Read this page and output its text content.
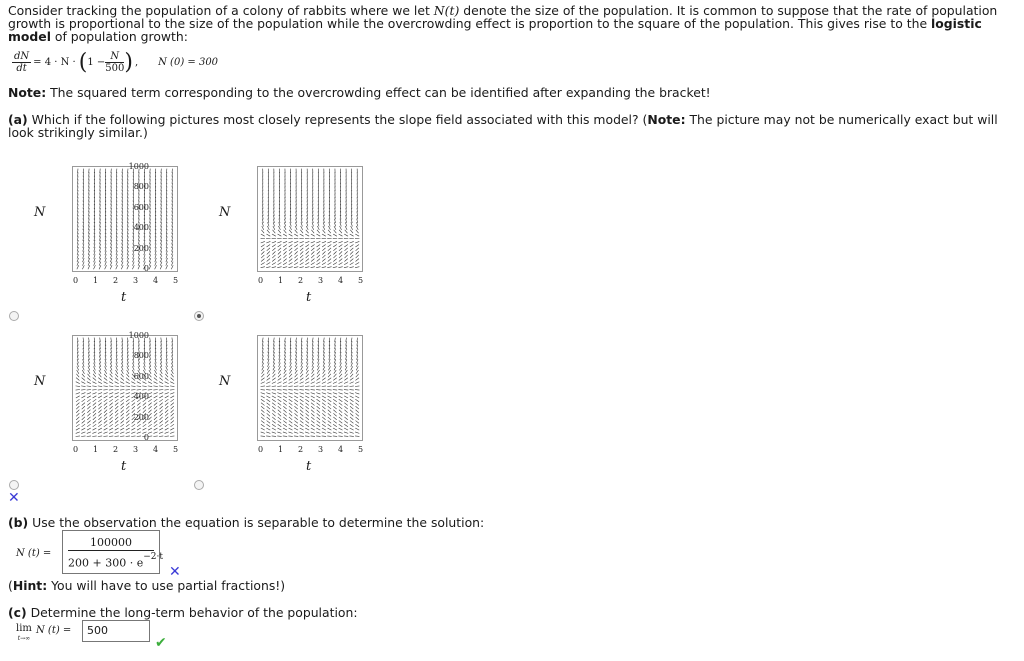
Consider tracking the population of a colony of rabbits where we let N(t) denote the size of the population. It is common to suppose that the rate of population growth is proportional to the size of the population while the overcrowding effect is proportion to the square of the population. This gives rise to the logistic model of population growth:
$\frac{dN}{dt} = 4 \cdot N$ · ( $1 - \frac{N}{500}$ ) , N (0) = 300
Note: The squared term corresponding to the overcrowding effect can be identified after expanding the bracket!
(a) Which if the following pictures most closely represents the slope field associated with this model? (Note: The picture may not be numerically exact but will look strikingly similar.)
0 1 2 3 4 5
N
t
1000
800
600
400
200
0
0 1 2 3 4 5
N
t
0 1 2 3 4 5
N
t
1000
800
600
400
200
0
0 1 2 3 4 5
N
t
✕
(b) Use the observation the equation is separable to determine the solution:
N (t) =
100000
$200 + 300 \cdot e^{-2\cdot t}$
✕
(Hint: You will have to use partial fractions!)
(c) Determine the long-term behavior of the population:
lim
t→∞
N (t) = 500
✔
